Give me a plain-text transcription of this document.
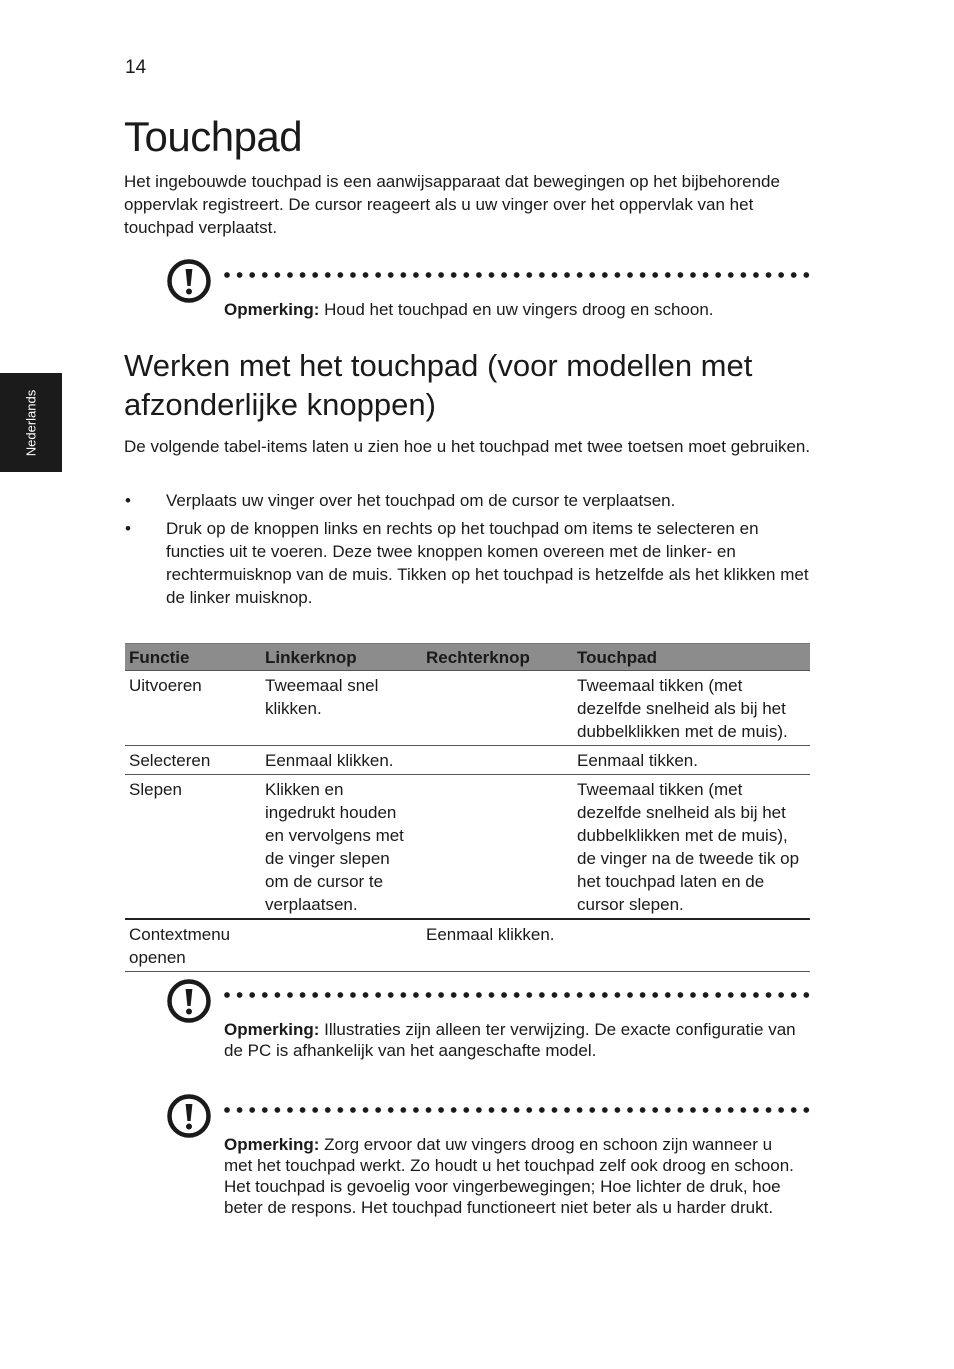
14
Nederlands
Touchpad

Het ingebouwde touchpad is een aanwijsapparaat dat bewegingen op het bijbehorende oppervlak registreert. De cursor reageert als u uw vinger over het oppervlak van het touchpad verplaatst.

Opmerking: Houd het touchpad en uw vingers droog en schoon.

Werken met het touchpad (voor modellen met afzonderlijke knoppen)

De volgende tabel-items laten u zien hoe u het touchpad met twee toetsen moet gebruiken.

• Verplaats uw vinger over het touchpad om de cursor te verplaatsen.
• Druk op de knoppen links en rechts op het touchpad om items te selecteren en functies uit te voeren. Deze twee knoppen komen overeen met de linker- en rechtermuisknop van de muis. Tikken op het touchpad is hetzelfde als het klikken met de linker muisknop.
Functie	Linkerknop	Rechterknop	Touchpad
Uitvoeren	Tweemaal snel klikken.		Tweemaal tikken (met dezelfde snelheid als bij het dubbelklikken met de muis).
Selecteren	Eenmaal klikken.		Eenmaal tikken.
Slepen	Klikken en ingedrukt houden en vervolgens met de vinger slepen om de cursor te verplaatsen.		Tweemaal tikken (met dezelfde snelheid als bij het dubbelklikken met de muis), de vinger na de tweede tik op het touchpad laten en de cursor slepen.
Contextmenu openen		Eenmaal klikken.	

Opmerking: Illustraties zijn alleen ter verwijzing. De exacte configuratie van de PC is afhankelijk van het aangeschafte model.

Opmerking: Zorg ervoor dat uw vingers droog en schoon zijn wanneer u met het touchpad werkt. Zo houdt u het touchpad zelf ook droog en schoon. Het touchpad is gevoelig voor vingerbewegingen; Hoe lichter de druk, hoe beter de respons. Het touchpad functioneert niet beter als u harder drukt.
